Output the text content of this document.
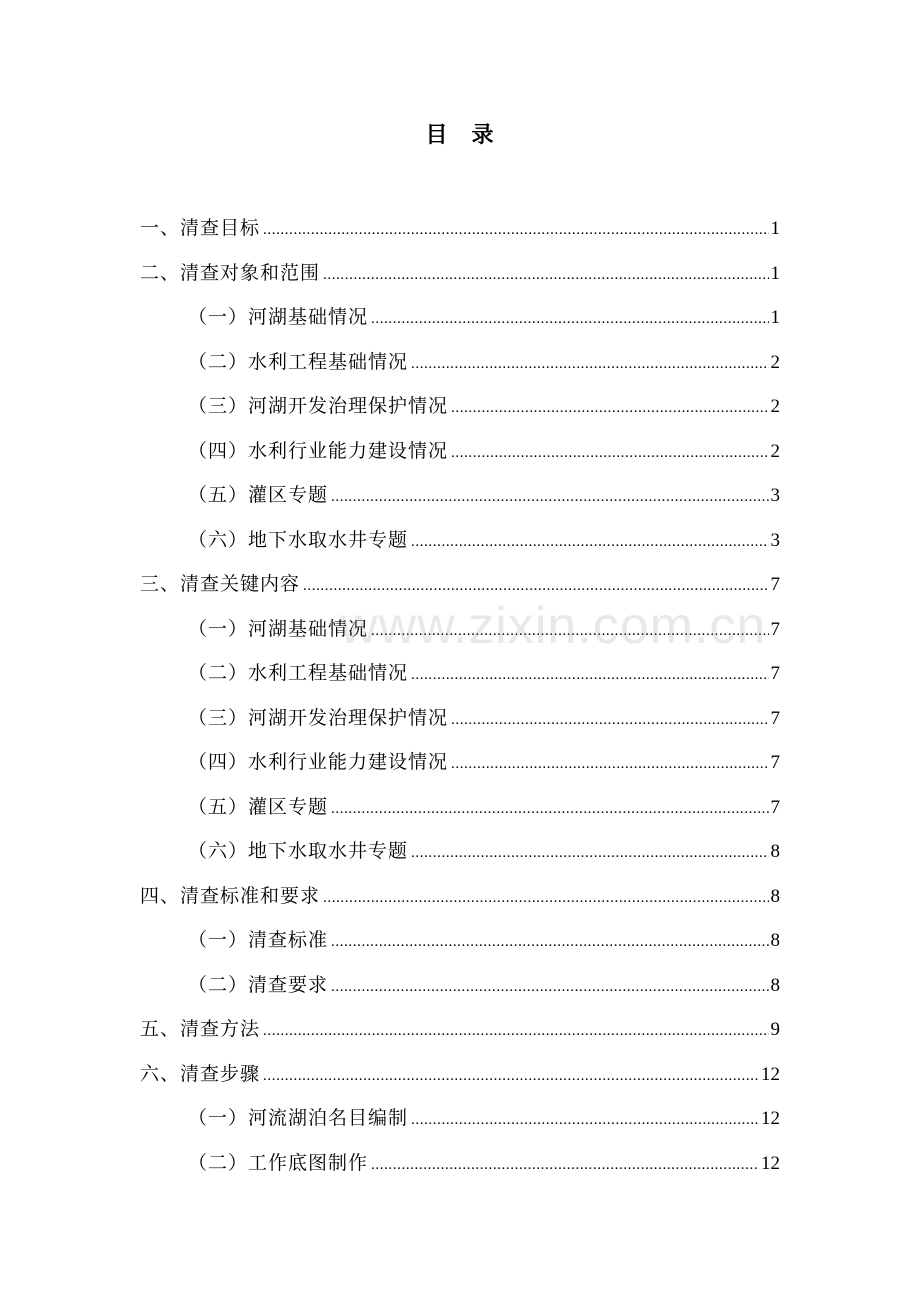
目　录
一、清查目标 .....	1
二、清查对象和范围 .....	1
（一）河湖基础情况 .....	1
（二）水利工程基础情况 .....	2
（三）河湖开发治理保护情况 .....	2
（四）水利行业能力建设情况 .....	2
（五）灌区专题 .....	3
（六）地下水取水井专题 .....	3
三、清查关键内容 .....	7
（一）河湖基础情况 .....	7
（二）水利工程基础情况 .....	7
（三）河湖开发治理保护情况 .....	7
（四）水利行业能力建设情况 .....	7
（五）灌区专题 .....	7
（六）地下水取水井专题 .....	8
四、清查标准和要求 .....	8
（一）清查标准 .....	8
（二）清查要求 .....	8
五、清查方法 .....	9
六、清查步骤 .....	12
（一）河流湖泊名目编制 .....	12
（二）工作底图制作 .....	12
www.zixin.com.cn
